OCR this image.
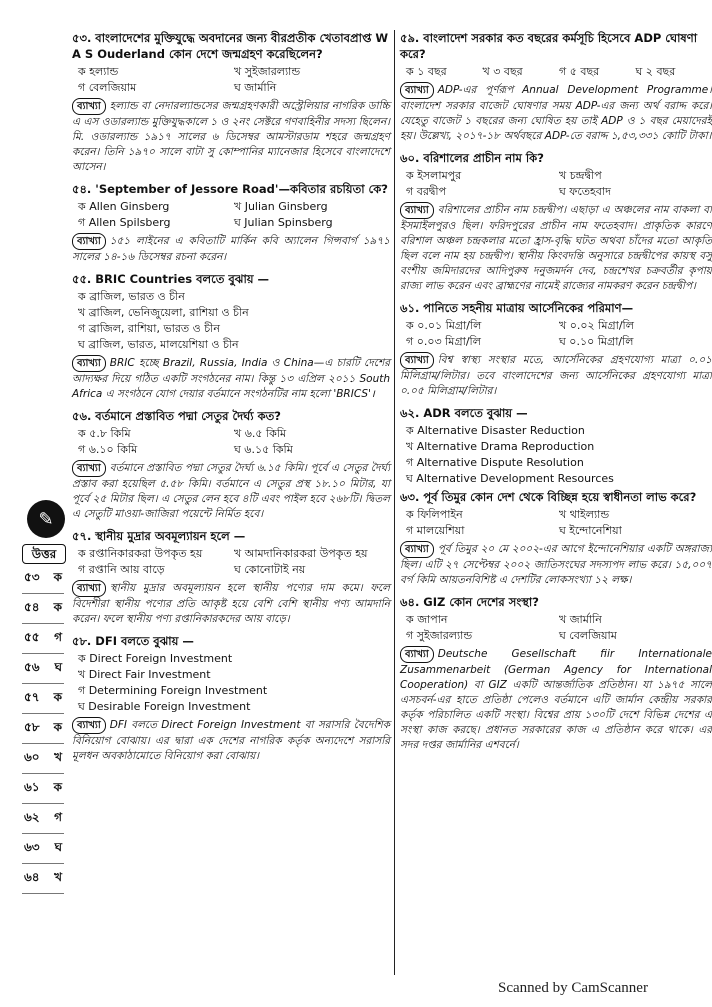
✎
উত্তর
৫৩ ক
৫৪ ক
৫৫ গ
৫৬ ঘ
৫৭ ক
৫৮ ক
৬০ খ
৬১ ক
৬২ গ
৬৩ ঘ
৬৪ খ
৫৩. বাংলাদেশের মুক্তিযুদ্ধে অবদানের জন্য বীরপ্রতীক খেতাবপ্রাপ্ত W A S Ouderland কোন দেশে জন্মগ্রহণ করেছিলেন?
ক হল্যান্ড	খ সুইজারল্যান্ড
গ বেলজিয়াম	ঘ জার্মানি
ব্যাখ্যা হল্যান্ড বা নেদারল্যান্ডসের জন্মগ্রহণকারী অস্ট্রেলিয়ার নাগরিক ডাচ্চি এ এস ওডারল্যান্ড মুক্তিযুদ্ধকালে ১ ও ২নং সেক্টরে গণবাহিনীর সদস্য ছিলেন। মি. ওডারল্যান্ড ১৯১৭ সালের ৬ ডিসেম্বর আমস্টারডাম শহরে জন্মগ্রহণ করেন। তিনি ১৯৭০ সালে বাটা সু কোম্পানির ম্যানেজার হিসেবে বাংলাদেশে আসেন।
৫৪. 'September of Jessore Road'—কবিতার রচয়িতা কে?
ক Allen Ginsberg	খ Julian Ginsberg
গ Allen Spilsberg	ঘ Julian Spinsberg
ব্যাখ্যা ১৫১ লাইনের এ কবিতাটি মার্কিন কবি অ্যালেন গিন্সবার্গ ১৯৭১ সালের ১৪-১৬ ডিসেম্বর রচনা করেন।
৫৫. BRIC Countries বলতে বুঝায় —
ক ব্রাজিল, ভারত ও চীন
খ ব্রাজিল, ভেনিজুয়েলা, রাশিয়া ও চীন
গ ব্রাজিল, রাশিয়া, ভারত ও চীন
ঘ ব্রাজিল, ভারত, মালয়েশিয়া ও চীন
ব্যাখ্যা BRIC হচ্ছে Brazil, Russia, India ও China—এ চারটি দেশের আদ্যক্ষর দিয়ে গঠিত একটি সংগঠনের নাম। কিন্তু ১৩ এপ্রিল ২০১১ South Africa এ সংগঠনে যোগ দেয়ার বর্তমানে সংগঠনটির নাম হলো 'BRICS'।
৫৬. বর্তমানে প্রস্তাবিত পদ্মা সেতুর দৈর্ঘ্য কত?
ক ৫.৮ কিমি	খ ৬.৫ কিমি
গ ৬.১০ কিমি	ঘ ৬.১৫ কিমি
ব্যাখ্যা বর্তমানে প্রস্তাবিত পদ্মা সেতুর দৈর্ঘ্য ৬.১৫ কিমি। পূর্বে এ সেতুর দৈর্ঘ্য প্রস্তাব করা হয়েছিল ৫.৫৮ কিমি। বর্তমানে এ সেতুর প্রস্থ ১৮.১০ মিটার, যা পূর্বে ২৫ মিটার ছিল। এ সেতুর লেন হবে ৪টি এবং পাইল হবে ২৬৮টি। দ্বিতল এ সেতুটি মাওয়া-জাজিরা পয়েন্টে নির্মিত হবে।
৫৭. স্থানীয় মুদ্রার অবমূল্যায়ন হলে —
ক রপ্তানিকারকরা উপকৃত হয়	খ আমদানিকারকরা উপকৃত হয়
গ রপ্তানি আয় বাড়ে	ঘ কোনোটাই নয়
ব্যাখ্যা স্থানীয় মুদ্রার অবমূল্যায়ন হলে স্থানীয় পণ্যের দাম কমে। ফলে বিদেশীরা স্থানীয় পণ্যের প্রতি আকৃষ্ট হয়ে বেশি বেশি স্থানীয় পণ্য আমদানি করেন। ফলে স্থানীয় পণ্য রপ্তানিকারকদের আয় বাড়ে।
৫৮. DFI বলতে বুঝায় —
ক Direct Foreign Investment
খ Direct Fair Investment
গ Determining Foreign Investment
ঘ Desirable Foreign Investment
ব্যাখ্যা DFI বলতে Direct Foreign Investment বা সরাসরি বৈদেশিক বিনিয়োগ বোঝায়। এর দ্বারা এক দেশের নাগরিক কর্তৃক অন্যদেশে সরাসরি মূলধন অবকাঠামোতে বিনিয়োগ করা বোঝায়।
৫৯. বাংলাদেশ সরকার কত বছরের কর্মসূচি হিসেবে ADP ঘোষণা করে?
ক ১ বছর	খ ৩ বছর	গ ৫ বছর	ঘ ২ বছর
ব্যাখ্যা ADP-এর পূর্ণরূপ Annual Development Programme। বাংলাদেশ সরকার বাজেট ঘোষণার সময় ADP-এর জন্য অর্থ বরাদ্দ করে। যেহেতু বাজেট ১ বছরের জন্য ঘোষিত হয় তাই ADP ও ১ বছর মেয়াদেরই হয়। উল্লেখ্য, ২০১৭-১৮ অর্থবছরে ADP-তে বরাদ্দ ১,৫৩,৩৩১ কোটি টাকা।
৬০. বরিশালের প্রাচীন নাম কি?
ক ইসলামপুর	খ চন্দ্রদ্বীপ
গ বরদ্বীপ	ঘ ফতেহবাদ
ব্যাখ্যা বরিশালের প্রাচীন নাম চন্দ্রদ্বীপ। এছাড়া এ অঞ্চলের নাম বাকলা বা ইসমাইলপুরও ছিল। ফরিদপুরের প্রাচীন নাম ফতেহবাদ। প্রাকৃতিক কারণে বরিশাল অঞ্চল চন্দ্রকলার মতো হ্রাস-বৃদ্ধি ঘটত অথবা চাঁদের মতো আকৃতি ছিল বলে নাম হয় চন্দ্রদ্বীপ। স্থানীয় কিংবদন্তি অনুসারে চন্দ্রদ্বীপের কায়স্থ বসু বংশীয় জমিদারদের আদিপুরুষ দনুজমর্দন দেব, চন্দ্রশেখর চক্রবর্তীর কৃপায় রাজ্য লাভ করেন এবং ব্রাহ্মণের নামেই রাজ্যের নামকরণ করেন চন্দ্রদ্বীপ।
৬১. পানিতে সহনীয় মাত্রায় আর্সেনিকের পরিমাণ—
ক ০.০১ মিগ্রা/লি	খ ০.০২ মিগ্রা/লি
গ ০.০৩ মিগ্রা/লি	ঘ ০.১০ মিগ্রা/লি
ব্যাখ্যা বিশ্ব স্বাস্থ্য সংস্থার মতে, আর্সেনিকের গ্রহণযোগ্য মাত্রা ০.০১ মিলিগ্রাম/লিটার। তবে বাংলাদেশের জন্য আর্সেনিকের গ্রহণযোগ্য মাত্রা ০.০৫ মিলিগ্রাম/লিটার।
৬২. ADR বলতে বুঝায় —
ক Alternative Disaster Reduction
খ Alternative Drama Reproduction
গ Alternative Dispute Resolution
ঘ Alternative Development Resources
৬৩. পূর্ব তিমুর কোন দেশ থেকে বিচ্ছিন্ন হয়ে স্বাধীনতা লাভ করে?
ক ফিলিপাইন	খ থাইল্যান্ড
গ মালয়েশিয়া	ঘ ইন্দোনেশিয়া
ব্যাখ্যা পূর্ব তিমুর ২০ মে ২০০২-এর আগে ইন্দোনেশিয়ার একটি অঙ্গরাজ্য ছিল। এটি ২৭ সেপ্টেম্বর ২০০২ জাতিসংঘের সদস্যপদ লাভ করে। ১৫,০০৭ বর্গ কিমি আয়তনবিশিষ্ট এ দেশটির লোকসংখ্যা ১২ লক্ষ।
৬৪. GIZ কোন দেশের সংস্থা?
ক জাপান	খ জার্মানি
গ সুইজারল্যান্ড	ঘ বেলজিয়াম
ব্যাখ্যা Deutsche Gesellschaft fiir Internationale Zusammenarbeit (German Agency for International Cooperation) বা GIZ একটি আন্তর্জাতিক প্রতিষ্ঠান। যা ১৯৭৫ সালে এসচবর্ন-এর হাতে প্রতিষ্ঠা পেলেও বর্তমানে এটি জার্মান কেন্দ্রীয় সরকার কর্তৃক পরিচালিত একটি সংস্থা। বিশ্বের প্রায় ১৩০টি দেশে বিভিন্ন দেশের এ সংস্থা কাজ করছে। প্রধানত সরকারের কাজ এ প্রতিষ্ঠান করে থাকে। এর সদর দপ্তর জার্মানির এশবর্নে।
Scanned by CamScanner
